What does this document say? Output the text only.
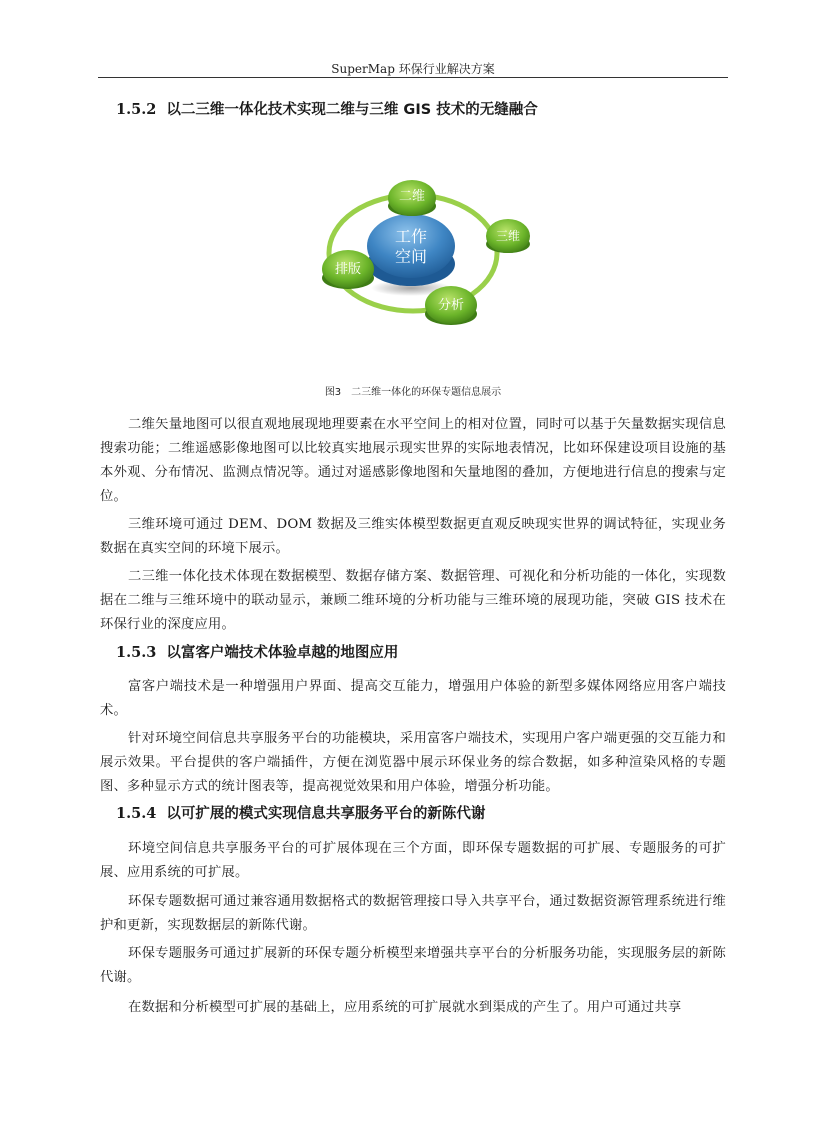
SuperMap 环保行业解决方案
1.5.2 以二三维一体化技术实现二维与三维 GIS 技术的无缝融合
工作
空间
二维
三维
分析
排版
图3　二三维一体化的环保专题信息展示
二维矢量地图可以很直观地展现地理要素在水平空间上的相对位置，同时可以基于矢量数据实现信息搜索功能；二维遥感影像地图可以比较真实地展示现实世界的实际地表情况，比如环保建设项目设施的基本外观、分布情况、监测点情况等。通过对遥感影像地图和矢量地图的叠加，方便地进行信息的搜索与定位。
三维环境可通过 DEM、DOM 数据及三维实体模型数据更直观反映现实世界的调试特征，实现业务数据在真实空间的环境下展示。
二三维一体化技术体现在数据模型、数据存储方案、数据管理、可视化和分析功能的一体化，实现数据在二维与三维环境中的联动显示，兼顾二维环境的分析功能与三维环境的展现功能，突破 GIS 技术在环保行业的深度应用。
1.5.3 以富客户端技术体验卓越的地图应用
富客户端技术是一种增强用户界面、提高交互能力，增强用户体验的新型多媒体网络应用客户端技术。
针对环境空间信息共享服务平台的功能模块，采用富客户端技术，实现用户客户端更强的交互能力和展示效果。平台提供的客户端插件，方便在浏览器中展示环保业务的综合数据，如多种渲染风格的专题图、多种显示方式的统计图表等，提高视觉效果和用户体验，增强分析功能。
1.5.4 以可扩展的模式实现信息共享服务平台的新陈代谢
环境空间信息共享服务平台的可扩展体现在三个方面，即环保专题数据的可扩展、专题服务的可扩展、应用系统的可扩展。
环保专题数据可通过兼容通用数据格式的数据管理接口导入共享平台，通过数据资源管理系统进行维护和更新，实现数据层的新陈代谢。
环保专题服务可通过扩展新的环保专题分析模型来增强共享平台的分析服务功能，实现服务层的新陈代谢。
在数据和分析模型可扩展的基础上，应用系统的可扩展就水到渠成的产生了。用户可通过共享
